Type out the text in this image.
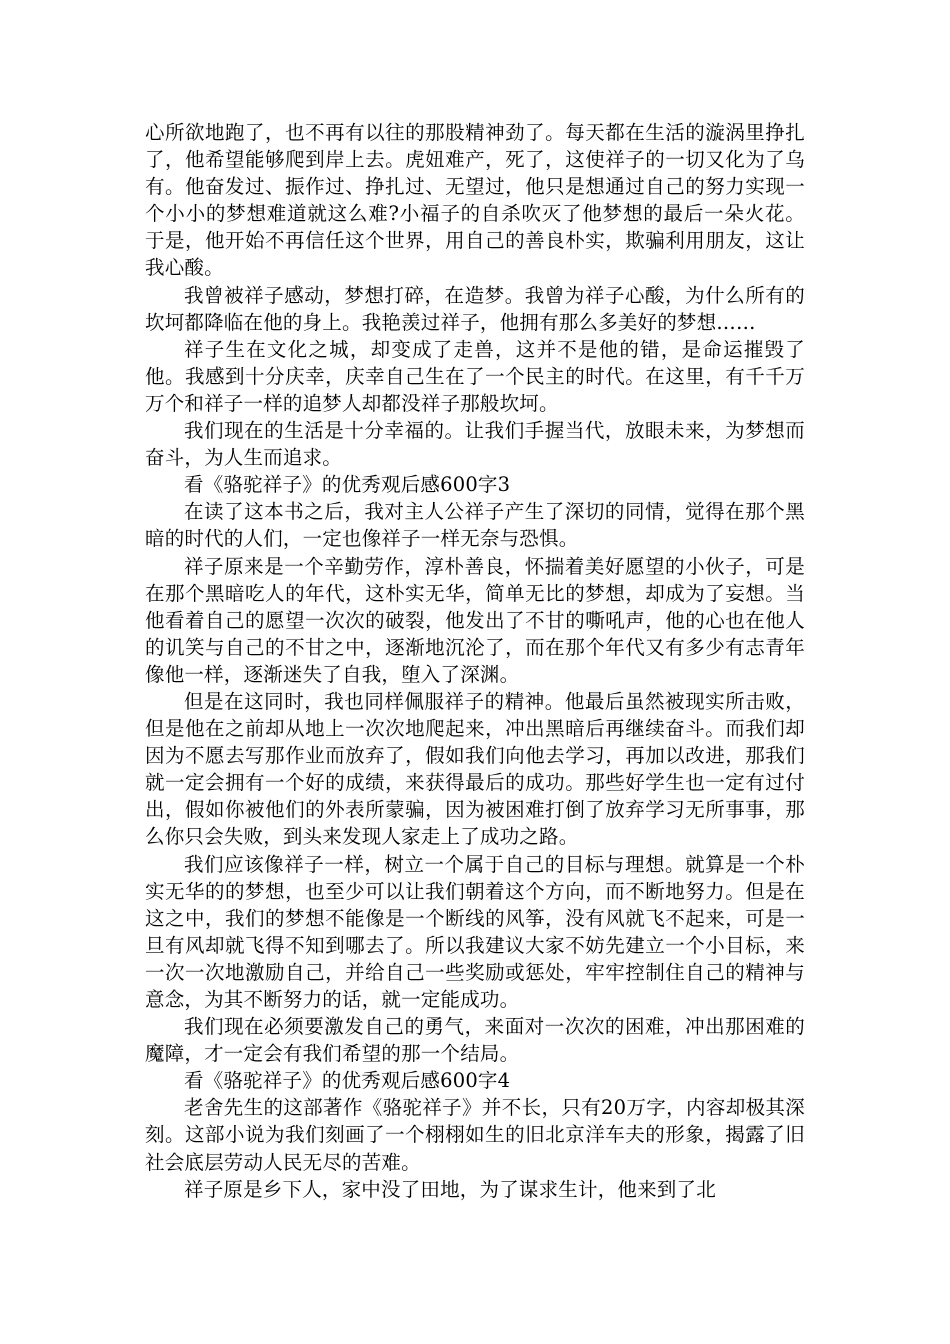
心所欲地跑了，也不再有以往的那股精神劲了。每天都在生活的漩涡里挣扎了，他希望能够爬到岸上去。虎妞难产，死了，这使祥子的一切又化为了乌有。他奋发过、振作过、挣扎过、无望过，他只是想通过自己的努力实现一个小小的梦想难道就这么难?小福子的自杀吹灭了他梦想的最后一朵火花。于是，他开始不再信任这个世界，用自己的善良朴实，欺骗利用朋友，这让我心酸。

我曾被祥子感动，梦想打碎，在造梦。我曾为祥子心酸，为什么所有的坎坷都降临在他的身上。我艳羡过祥子，他拥有那么多美好的梦想……

祥子生在文化之城，却变成了走兽，这并不是他的错，是命运摧毁了他。我感到十分庆幸，庆幸自己生在了一个民主的时代。在这里，有千千万万个和祥子一样的追梦人却都没祥子那般坎坷。

我们现在的生活是十分幸福的。让我们手握当代，放眼未来，为梦想而奋斗，为人生而追求。

看《骆驼祥子》的优秀观后感600字3

在读了这本书之后，我对主人公祥子产生了深切的同情，觉得在那个黑暗的时代的人们，一定也像祥子一样无奈与恐惧。

祥子原来是一个辛勤劳作，淳朴善良，怀揣着美好愿望的小伙子，可是在那个黑暗吃人的年代，这朴实无华，简单无比的梦想，却成为了妄想。当他看着自己的愿望一次次的破裂，他发出了不甘的嘶吼声，他的心也在他人的讥笑与自己的不甘之中，逐渐地沉沦了，而在那个年代又有多少有志青年像他一样，逐渐迷失了自我，堕入了深渊。

但是在这同时，我也同样佩服祥子的精神。他最后虽然被现实所击败，但是他在之前却从地上一次次地爬起来，冲出黑暗后再继续奋斗。而我们却因为不愿去写那作业而放弃了，假如我们向他去学习，再加以改进，那我们就一定会拥有一个好的成绩，来获得最后的成功。那些好学生也一定有过付出，假如你被他们的外表所蒙骗，因为被困难打倒了放弃学习无所事事，那么你只会失败，到头来发现人家走上了成功之路。

我们应该像祥子一样，树立一个属于自己的目标与理想。就算是一个朴实无华的的梦想，也至少可以让我们朝着这个方向，而不断地努力。但是在这之中，我们的梦想不能像是一个断线的风筝，没有风就飞不起来，可是一旦有风却就飞得不知到哪去了。所以我建议大家不妨先建立一个小目标，来一次一次地激励自己，并给自己一些奖励或惩处，牢牢控制住自己的精神与意念，为其不断努力的话，就一定能成功。

我们现在必须要激发自己的勇气，来面对一次次的困难，冲出那困难的魔障，才一定会有我们希望的那一个结局。

看《骆驼祥子》的优秀观后感600字4

老舍先生的这部著作《骆驼祥子》并不长，只有20万字，内容却极其深刻。这部小说为我们刻画了一个栩栩如生的旧北京洋车夫的形象，揭露了旧社会底层劳动人民无尽的苦难。

祥子原是乡下人，家中没了田地，为了谋求生计，他来到了北
